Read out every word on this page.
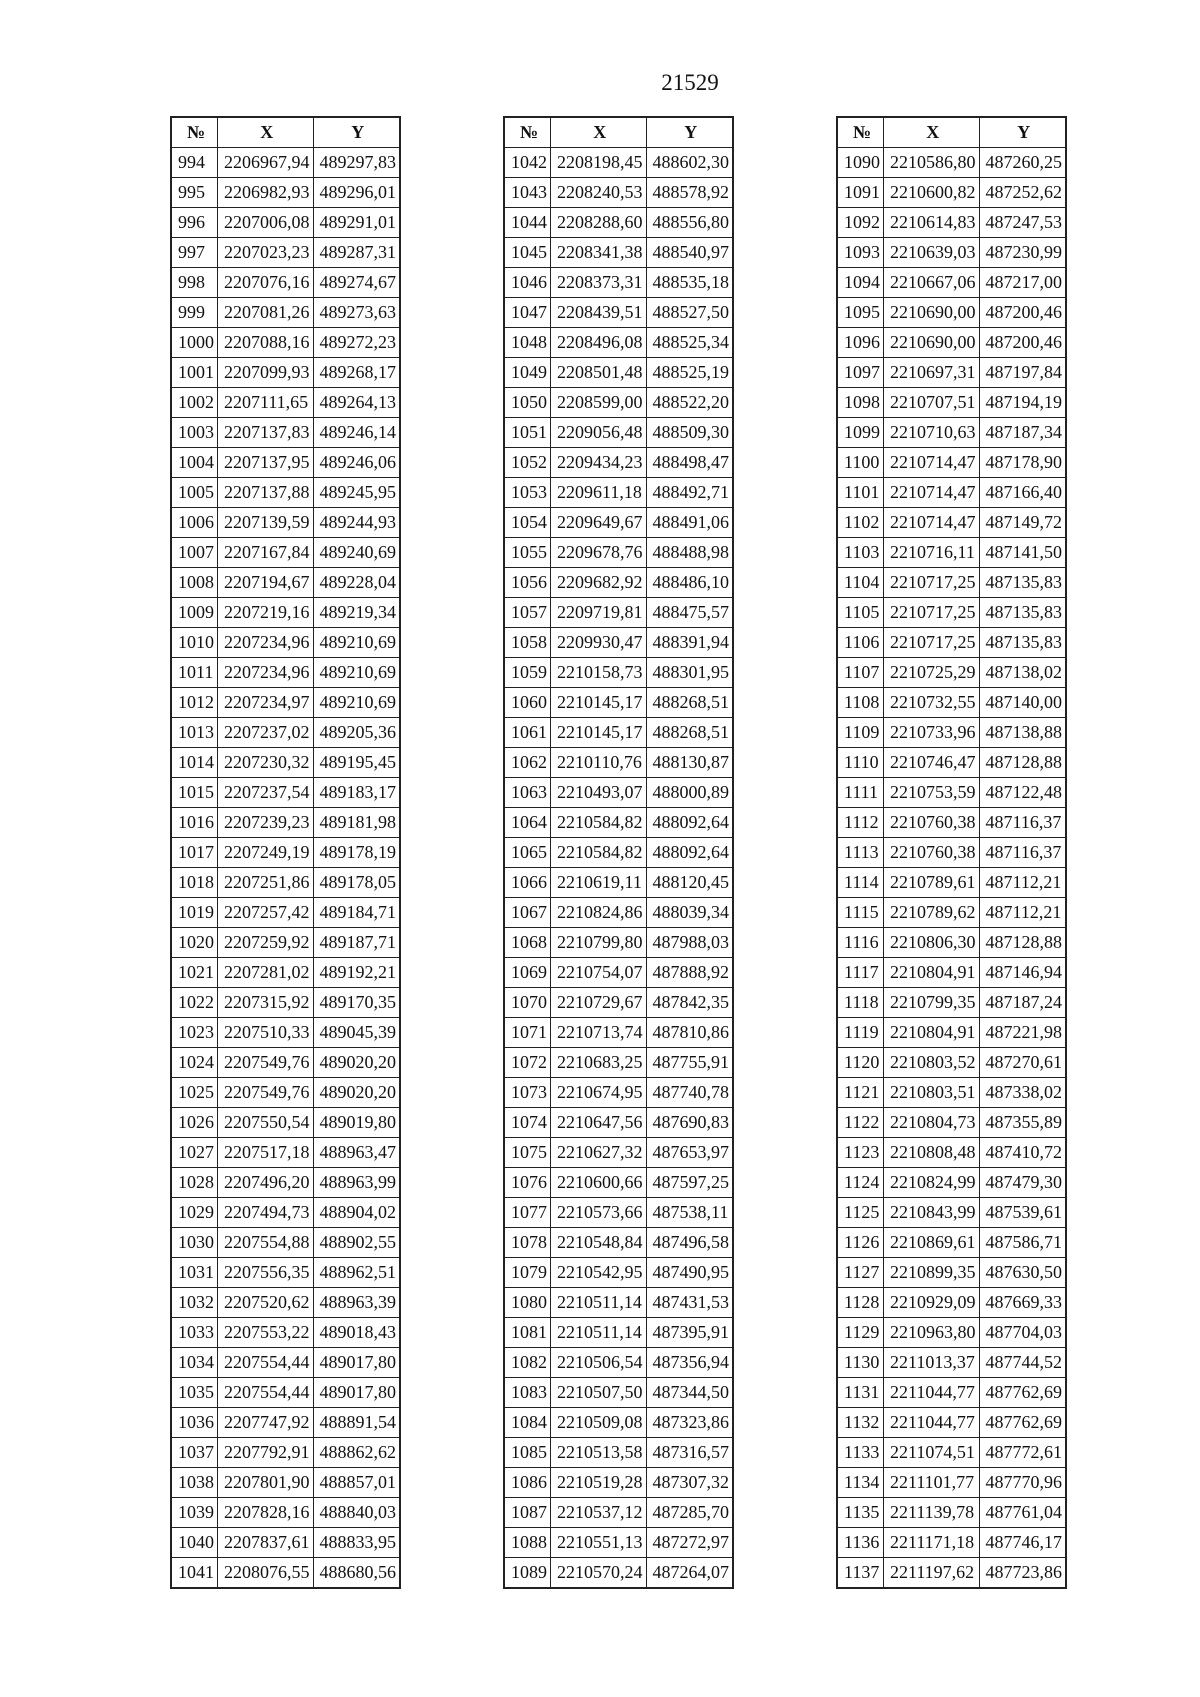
21529
№	X	Y
994	2206967,94	489297,83
995	2206982,93	489296,01
996	2207006,08	489291,01
997	2207023,23	489287,31
998	2207076,16	489274,67
999	2207081,26	489273,63
1000	2207088,16	489272,23
1001	2207099,93	489268,17
1002	2207111,65	489264,13
1003	2207137,83	489246,14
1004	2207137,95	489246,06
1005	2207137,88	489245,95
1006	2207139,59	489244,93
1007	2207167,84	489240,69
1008	2207194,67	489228,04
1009	2207219,16	489219,34
1010	2207234,96	489210,69
1011	2207234,96	489210,69
1012	2207234,97	489210,69
1013	2207237,02	489205,36
1014	2207230,32	489195,45
1015	2207237,54	489183,17
1016	2207239,23	489181,98
1017	2207249,19	489178,19
1018	2207251,86	489178,05
1019	2207257,42	489184,71
1020	2207259,92	489187,71
1021	2207281,02	489192,21
1022	2207315,92	489170,35
1023	2207510,33	489045,39
1024	2207549,76	489020,20
1025	2207549,76	489020,20
1026	2207550,54	489019,80
1027	2207517,18	488963,47
1028	2207496,20	488963,99
1029	2207494,73	488904,02
1030	2207554,88	488902,55
1031	2207556,35	488962,51
1032	2207520,62	488963,39
1033	2207553,22	489018,43
1034	2207554,44	489017,80
1035	2207554,44	489017,80
1036	2207747,92	488891,54
1037	2207792,91	488862,62
1038	2207801,90	488857,01
1039	2207828,16	488840,03
1040	2207837,61	488833,95
1041	2208076,55	488680,56
№	X	Y
1042	2208198,45	488602,30
1043	2208240,53	488578,92
1044	2208288,60	488556,80
1045	2208341,38	488540,97
1046	2208373,31	488535,18
1047	2208439,51	488527,50
1048	2208496,08	488525,34
1049	2208501,48	488525,19
1050	2208599,00	488522,20
1051	2209056,48	488509,30
1052	2209434,23	488498,47
1053	2209611,18	488492,71
1054	2209649,67	488491,06
1055	2209678,76	488488,98
1056	2209682,92	488486,10
1057	2209719,81	488475,57
1058	2209930,47	488391,94
1059	2210158,73	488301,95
1060	2210145,17	488268,51
1061	2210145,17	488268,51
1062	2210110,76	488130,87
1063	2210493,07	488000,89
1064	2210584,82	488092,64
1065	2210584,82	488092,64
1066	2210619,11	488120,45
1067	2210824,86	488039,34
1068	2210799,80	487988,03
1069	2210754,07	487888,92
1070	2210729,67	487842,35
1071	2210713,74	487810,86
1072	2210683,25	487755,91
1073	2210674,95	487740,78
1074	2210647,56	487690,83
1075	2210627,32	487653,97
1076	2210600,66	487597,25
1077	2210573,66	487538,11
1078	2210548,84	487496,58
1079	2210542,95	487490,95
1080	2210511,14	487431,53
1081	2210511,14	487395,91
1082	2210506,54	487356,94
1083	2210507,50	487344,50
1084	2210509,08	487323,86
1085	2210513,58	487316,57
1086	2210519,28	487307,32
1087	2210537,12	487285,70
1088	2210551,13	487272,97
1089	2210570,24	487264,07
№	X	Y
1090	2210586,80	487260,25
1091	2210600,82	487252,62
1092	2210614,83	487247,53
1093	2210639,03	487230,99
1094	2210667,06	487217,00
1095	2210690,00	487200,46
1096	2210690,00	487200,46
1097	2210697,31	487197,84
1098	2210707,51	487194,19
1099	2210710,63	487187,34
1100	2210714,47	487178,90
1101	2210714,47	487166,40
1102	2210714,47	487149,72
1103	2210716,11	487141,50
1104	2210717,25	487135,83
1105	2210717,25	487135,83
1106	2210717,25	487135,83
1107	2210725,29	487138,02
1108	2210732,55	487140,00
1109	2210733,96	487138,88
1110	2210746,47	487128,88
1111	2210753,59	487122,48
1112	2210760,38	487116,37
1113	2210760,38	487116,37
1114	2210789,61	487112,21
1115	2210789,62	487112,21
1116	2210806,30	487128,88
1117	2210804,91	487146,94
1118	2210799,35	487187,24
1119	2210804,91	487221,98
1120	2210803,52	487270,61
1121	2210803,51	487338,02
1122	2210804,73	487355,89
1123	2210808,48	487410,72
1124	2210824,99	487479,30
1125	2210843,99	487539,61
1126	2210869,61	487586,71
1127	2210899,35	487630,50
1128	2210929,09	487669,33
1129	2210963,80	487704,03
1130	2211013,37	487744,52
1131	2211044,77	487762,69
1132	2211044,77	487762,69
1133	2211074,51	487772,61
1134	2211101,77	487770,96
1135	2211139,78	487761,04
1136	2211171,18	487746,17
1137	2211197,62	487723,86
